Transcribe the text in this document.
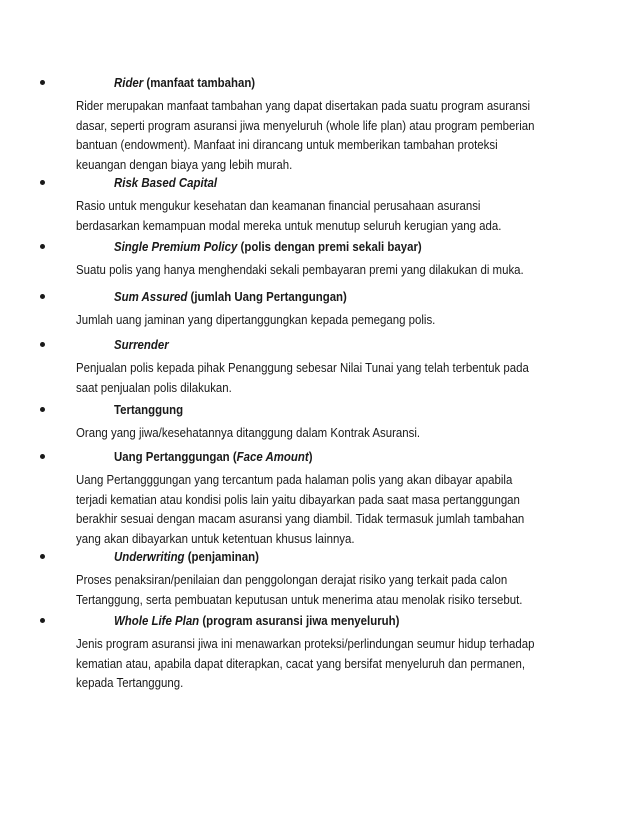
Rider (manfaat tambahan)
Rider merupakan manfaat tambahan yang dapat disertakan pada suatu program asuransi
dasar, seperti program asuransi jiwa menyeluruh (whole life plan) atau program pemberian
bantuan (endowment). Manfaat ini dirancang untuk memberikan tambahan proteksi
keuangan dengan biaya yang lebih murah.
Risk Based Capital
Rasio untuk mengukur kesehatan dan keamanan financial perusahaan asuransi
berdasarkan kemampuan modal mereka untuk menutup seluruh kerugian yang ada.
Single Premium Policy (polis dengan premi sekali bayar)
Suatu polis yang hanya menghendaki sekali pembayaran premi yang dilakukan di muka.
Sum Assured (jumlah Uang Pertangungan)
Jumlah uang jaminan yang dipertanggungkan kepada pemegang polis.
Surrender
Penjualan polis kepada pihak Penanggung sebesar Nilai Tunai yang telah terbentuk pada
saat penjualan polis dilakukan.
Tertanggung
Orang yang jiwa/kesehatannya ditanggung dalam Kontrak Asuransi.
Uang Pertanggungan (Face Amount)
Uang Pertangggungan yang tercantum pada halaman polis yang akan dibayar apabila
terjadi kematian atau kondisi polis lain yaitu dibayarkan pada saat masa pertanggungan
berakhir sesuai dengan macam asuransi yang diambil. Tidak termasuk jumlah tambahan
yang akan dibayarkan untuk ketentuan khusus lainnya.
Underwriting (penjaminan)
Proses penaksiran/penilaian dan penggolongan derajat risiko yang terkait pada calon
Tertanggung, serta pembuatan keputusan untuk menerima atau menolak risiko tersebut.
Whole Life Plan (program asuransi jiwa menyeluruh)
Jenis program asuransi jiwa ini menawarkan proteksi/perlindungan seumur hidup terhadap
kematian atau, apabila dapat diterapkan, cacat yang bersifat menyeluruh dan permanen,
kepada Tertanggung.
